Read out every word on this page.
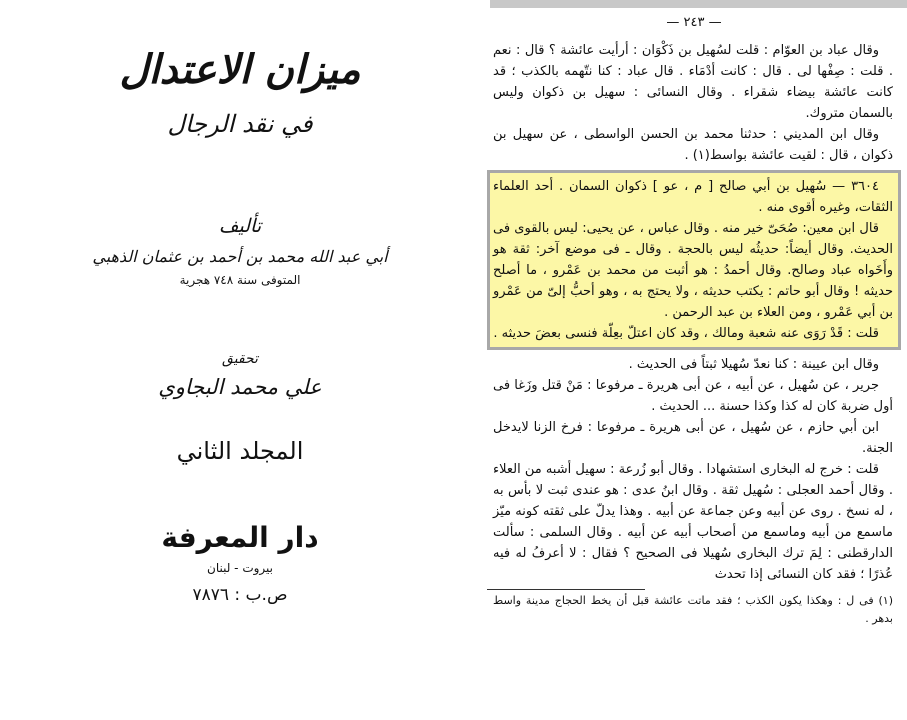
ميزان الاعتدال
في نقد الرجال
تأليف
أبي عبد الله محمد بن أحمد بن عثمان الذهبي
المتوفى سنة ٧٤٨ هجرية
تحقيق
علي محمد البجاوي
المجلد الثاني
دار المعرفة
بيروت - لبنان
ص.ب : ٧٨٧٦
— ٢٤٣ —
وقال عباد بن العوّام : قلت لسُهيل بن ذَكْوَان : أرأيت عائشة ؟ قال : نعم . قلت : صِفْها لى . قال : كانت أدْمَاء . قال عباد : كنا نتّهمه بالكذب ؛ قد كانت عائشة بيضاء شقراء . وقال النسائى : سهيل بن ذكوان وليس بالسمان متروك.
وقال ابن المديني : حدثنا محمد بن الحسن الواسطى ، عن سهيل بن ذكوان ، قال : لقيت عائشة بواسط(١) .
٣٦٠٤ — سُهيل بن أبي صالح [ م ، عو ] ذكوان السمان . أحد العلماء الثقات، وغيره أقوى منه .
قال ابن معين: صُحَىّ خير منه . وقال عباس ، عن يحيى: ليس بالقوى فى الحديث. وقال أيضاً: حديثُه ليس بالحجة . وقال ـ فى موضع آخر: ثقة هو وأَخَواه عباد وصالح. وقال أحمدُ : هو أثبت من محمد بن عَمْرو ، ما أصلح حديثه ! وقال أبو حاتم : يكتب حديثه ، ولا يحتج به ، وهو أحبُّ إلىّ من عَمْرو بن أبي عَمْرو ، ومن العلاء بن عبد الرحمن .
قلت : قَدْ رَوَى عنه شعبة ومالك ، وقد كان اعتلّ بعِلّة فنسى بعضَ حديثه .
وقال ابن عيينة : كنا نعدّ سُهيلا ثبتاً فى الحديث .
جرير ، عن سُهيل ، عن أبيه ، عن أبى هريرة ـ مرفوعا : مَنْ قتل وزَغا فى أول ضربة كان له كذا وكذا حسنة ... الحديث .
ابن أبي حازم ، عن سُهيل ، عن أبى هريرة ـ مرفوعا : فرخ الزنا لايدخل الجنة.
قلت : خرج له البخارى استشهادا . وقال أبو زُرعة : سهيل أشبه من العلاء . وقال أحمد العجلى : سُهيل ثقة . وقال ابنُ عدى : هو عندى ثبت لا بأس به ، له نسخ . روى عن أبيه وعن جماعة عن أبيه . وهذا يدلّ على ثقته كونه ميّز ماسمع من أبيه وماسمع من أصحاب أبيه عن أبيه . وقال السلمى : سألت الدارقطنى : لِمَ ترك البخارى سُهيلا فى الصحيح ؟ فقال : لا أعرفُ له فيه عُذرًا ؛ فقد كان النسائى إذا تحدث
(١) فى ل : وهكذا يكون الكذب ؛ فقد ماتت عائشة قبل أن يخط الحجاج مدينة واسط بدهر .
